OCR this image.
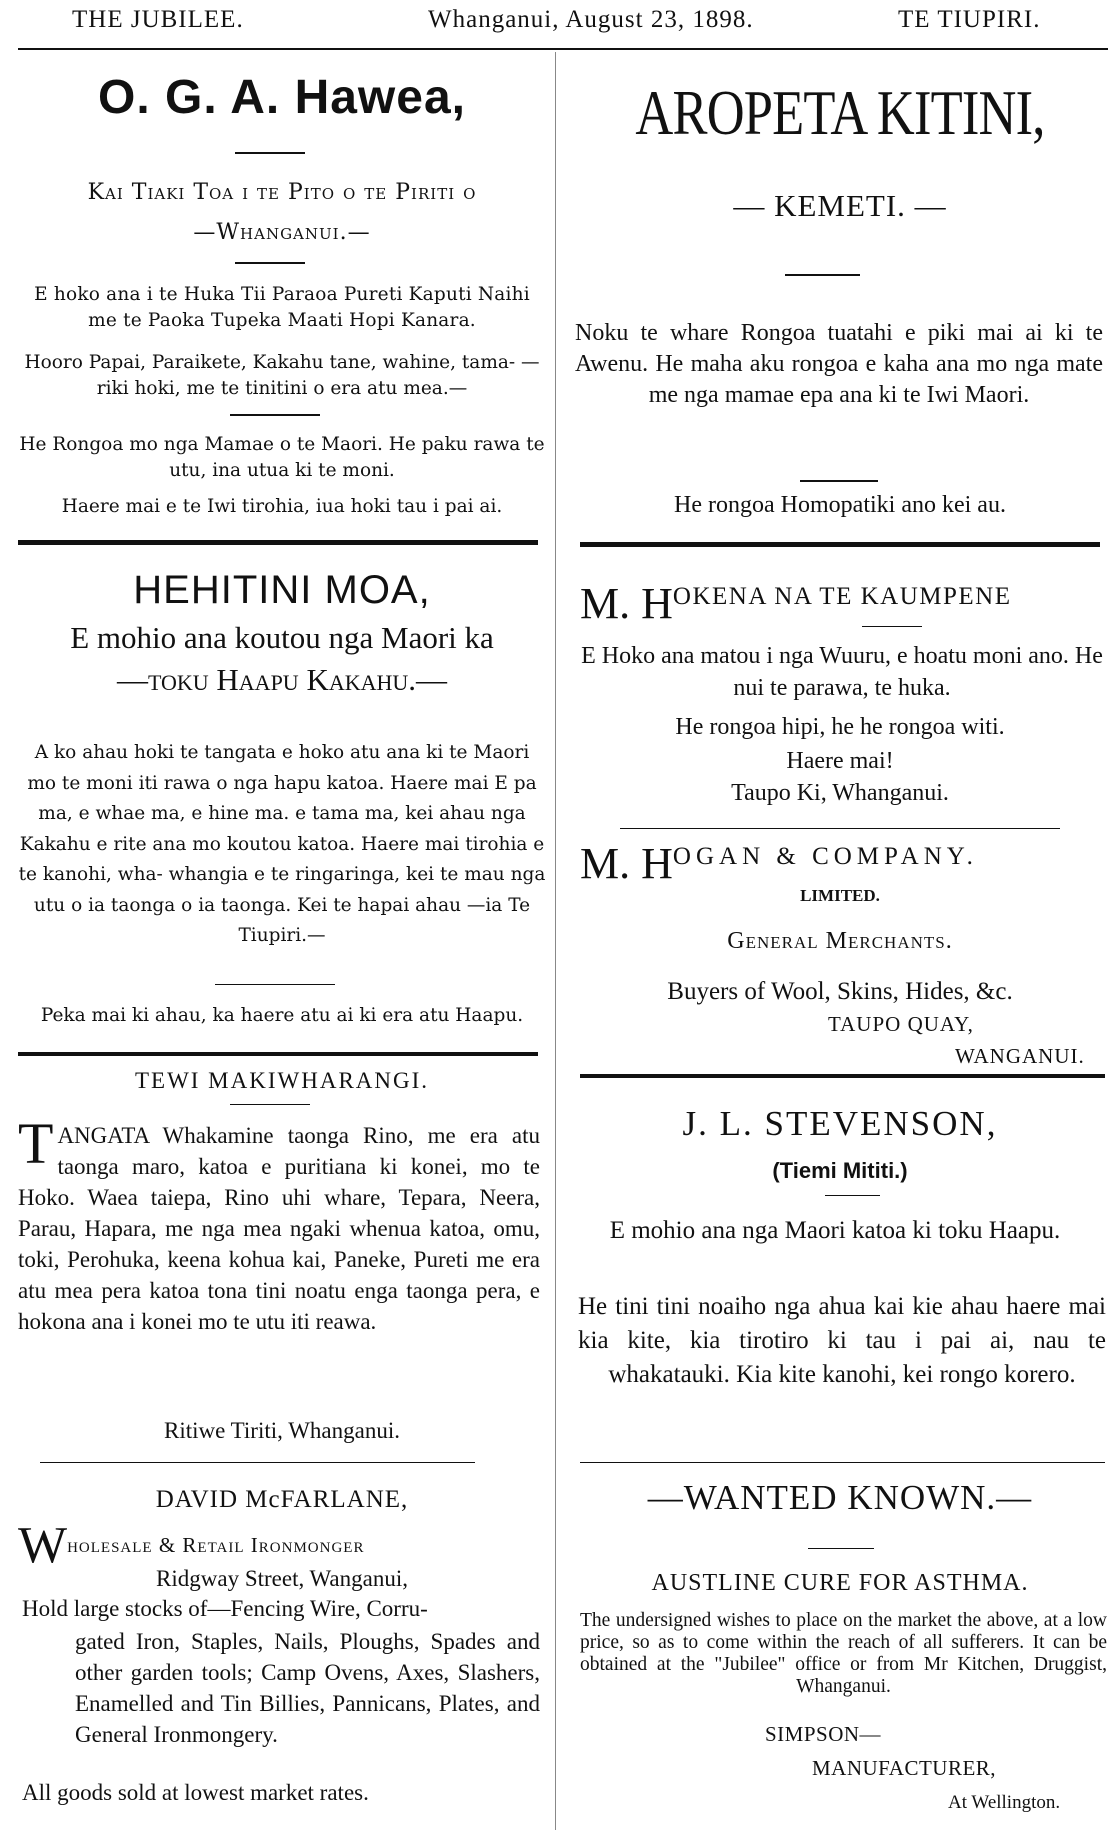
THE JUBILEE.	Whanganui, August 23, 1898.	TE TIUPIRI.
O. G. A. Hawea,
Kai Tiaki Toa i te Pito o te Piriti o
—Whanganui.—
E hoko ana i te Huka Tii Paraoa Pureti Kaputi Naihi me te Paoka Tupeka Maati Hopi Kanara.
Hooro Papai, Paraikete, Kakahu tane, wahine, tama- —riki hoki, me te tinitini o era atu mea.—
He Rongoa mo nga Mamae o te Maori. He paku rawa te utu, ina utua ki te moni.
Haere mai e te Iwi tirohia, iua hoki tau i pai ai.
HEHITINI MOA,
E mohio ana koutou nga Maori ka
—toku Haapu Kakahu.—
A ko ahau hoki te tangata e hoko atu ana ki te Maori mo te moni iti rawa o nga hapu katoa. Haere mai E pa ma, e whae ma, e hine ma. e tama ma, kei ahau nga Kakahu e rite ana mo koutou katoa. Haere mai tirohia e te kanohi, wha- whangia e te ringaringa, kei te mau nga utu o ia taonga o ia taonga. Kei te hapai ahau —ia Te Tiupiri.—
Peka mai ki ahau, ka haere atu ai ki era atu Haapu.
TEWI MAKIWHARANGI.
T ANGATA Whakamine taonga Rino, me era atu taonga maro, katoa e puritiana ki konei, mo te Hoko. Waea taiepa, Rino uhi whare, Tepara, Neera, Parau, Hapara, me nga mea ngaki whenua katoa, omu, toki, Perohuka, keena kohua kai, Paneke, Pureti me era atu mea pera katoa tona tini noatu enga taonga pera, e hokona ana i konei mo te utu iti reawa.
Ritiwe Tiriti, Whanganui.
DAVID McFARLANE,
Wholesale & Retail Ironmonger
Ridgway Street, Wanganui,
Hold large stocks of—Fencing Wire, Corru-
gated Iron, Staples, Nails, Ploughs, Spades and other garden tools; Camp Ovens, Axes, Slashers, Enamelled and Tin Billies, Pannicans, Plates, and General Ironmongery.
All goods sold at lowest market rates.
AROPETA KITINI,
— KEMETI. —
Noku te whare Rongoa tuatahi e piki mai ai ki te Awenu. He maha aku rongoa e kaha ana mo nga mate me nga mamae epa ana ki te Iwi Maori.
He rongoa Homopatiki ano kei au.
M. HOKENA NA TE KAUMPENE
E Hoko ana matou i nga Wuuru, e hoatu moni ano. He nui te parawa, te huka.
He rongoa hipi, he he rongoa witi.
Haere mai!
Taupo Ki, Whanganui.
M. HOGAN & COMPANY.
LIMITED.
General Merchants.
Buyers of Wool, Skins, Hides, &c.
TAUPO QUAY,
WANGANUI.
J. L. STEVENSON,
(Tiemi Mititi.)
E mohio ana nga Maori katoa ki toku Haapu.
He tini tini noaiho nga ahua kai kie ahau haere mai kia kite, kia tirotiro ki tau i pai ai, nau te whakatauki. Kia kite kanohi, kei rongo korero.
—WANTED KNOWN.—
AUSTLINE CURE FOR ASTHMA.
The undersigned wishes to place on the market the above, at a low price, so as to come within the reach of all sufferers. It can be obtained at the "Jubilee" office or from Mr Kitchen, Druggist, Whanganui.
SIMPSON—
MANUFACTURER,
At Wellington.
